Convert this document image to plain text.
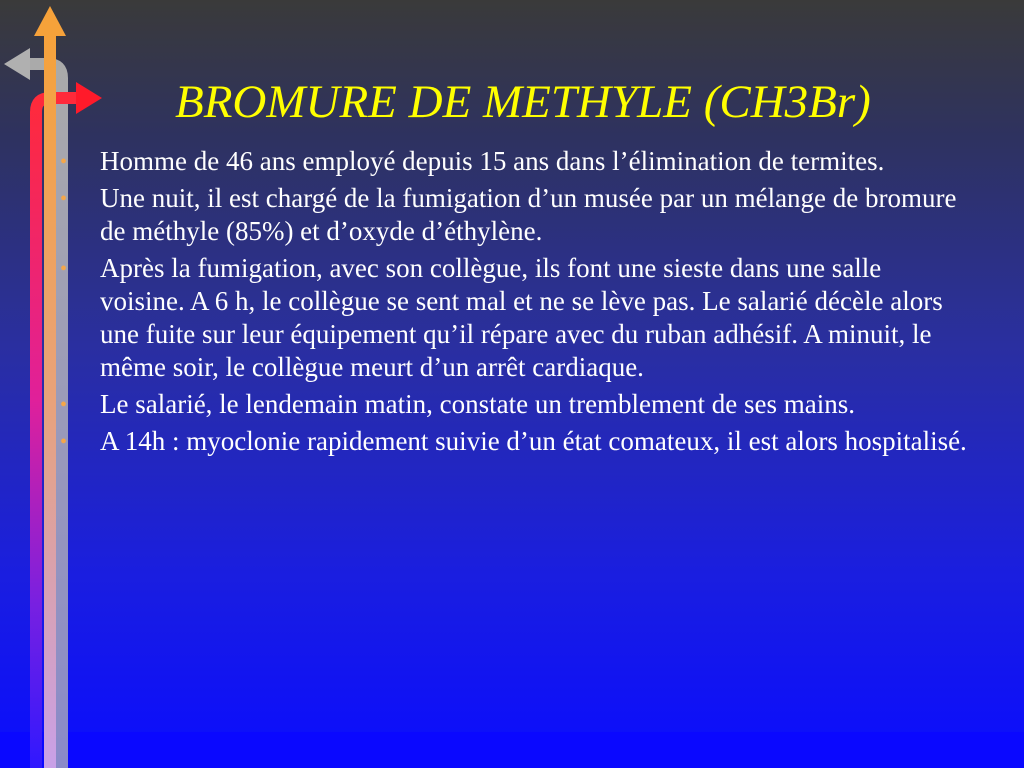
BROMURE DE METHYLE (CH3Br)
• Homme de 46 ans employé depuis 15 ans dans l’élimination de termites.
• Une nuit, il est chargé de la fumigation d’un musée par un mélange de bromure de méthyle (85%) et d’oxyde d’éthylène.
• Après la fumigation, avec son collègue, ils font une sieste dans une salle voisine. A 6 h, le collègue se sent mal et ne se lève pas. Le salarié décèle alors une fuite sur leur équipement qu’il répare avec du ruban adhésif. A minuit, le même soir, le collègue meurt d’un arrêt cardiaque.
• Le salarié, le lendemain matin, constate un tremblement de ses mains.
• A 14h : myoclonie rapidement suivie d’un état comateux, il est alors hospitalisé.
